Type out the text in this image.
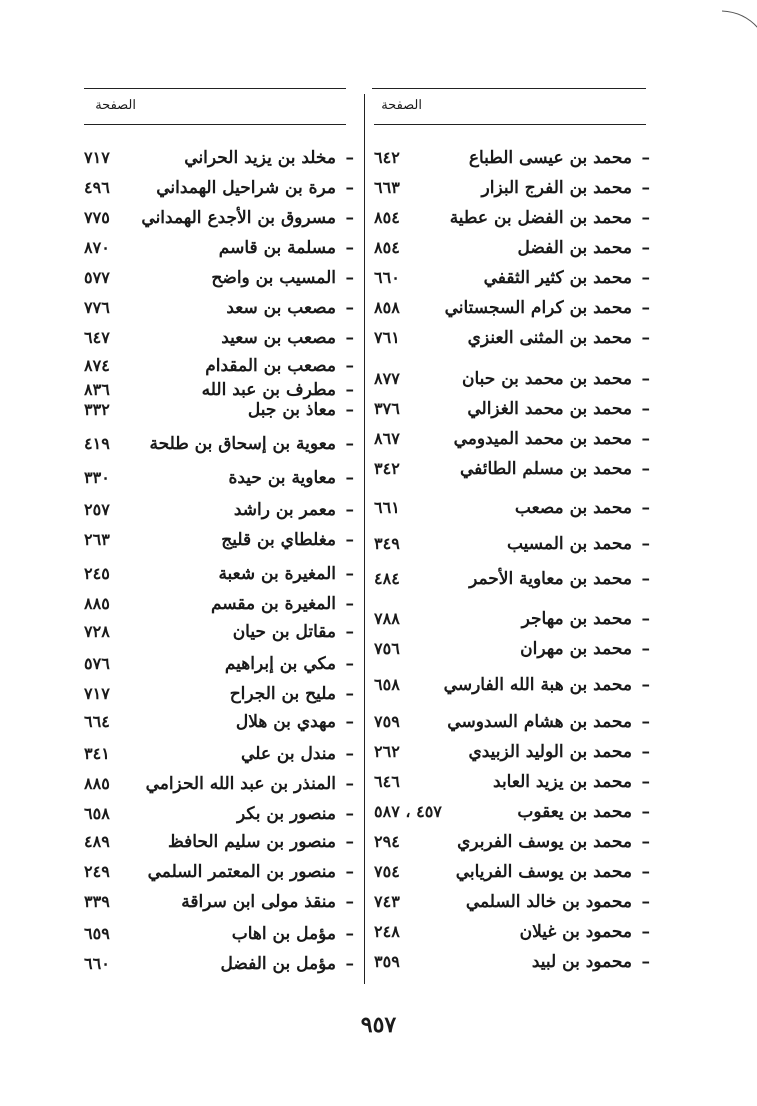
الصفحة
–
محمد بن عيسى الطباع
٦٤٢
–
محمد بن الفرج البزار
٦٦٣
–
محمد بن الفضل بن عطية
٨٥٤
–
محمد بن الفضل
٨٥٤
–
محمد بن كثير الثقفي
٦٦٠
–
محمد بن كرام السجستاني
٨٥٨
–
محمد بن المثنى العنزي
٧٦١
–
محمد بن محمد بن حبان
٨٧٧
–
محمد بن محمد الغزالي
٣٧٦
–
محمد بن محمد الميدومي
٨٦٧
–
محمد بن مسلم الطائفي
٣٤٢
–
محمد بن مصعب
٦٦١
–
محمد بن المسيب
٣٤٩
–
محمد بن معاوية الأحمر
٤٨٤
–
محمد بن مهاجر
٧٨٨
–
محمد بن مهران
٧٥٦
–
محمد بن هبة الله الفارسي
٦٥٨
–
محمد بن هشام السدوسي
٧٥٩
–
محمد بن الوليد الزبيدي
٢٦٢
–
محمد بن يزيد العابد
٦٤٦
–
محمد بن يعقوب
٤٥٧ ، ٥٨٧
–
محمد بن يوسف الفربري
٢٩٤
–
محمد بن يوسف الفريابي
٧٥٤
–
محمود بن خالد السلمي
٧٤٣
–
محمود بن غيلان
٢٤٨
–
محمود بن لبيد
٣٥٩
الصفحة
–
مخلد بن يزيد الحراني
٧١٧
–
مرة بن شراحيل الهمداني
٤٩٦
–
مسروق بن الأجدع الهمداني
٧٧٥
–
مسلمة بن قاسم
٨٧٠
–
المسيب بن واضح
٥٧٧
–
مصعب بن سعد
٧٧٦
–
مصعب بن سعيد
٦٤٧
–
مصعب بن المقدام
٨٧٤
–
مطرف بن عبد الله
٨٣٦
–
معاذ بن جبل
٣٣٢
–
معوية بن إسحاق بن طلحة
٤١٩
–
معاوية بن حيدة
٣٣٠
–
معمر بن راشد
٢٥٧
–
مغلطاي بن قليج
٢٦٣
–
المغيرة بن شعبة
٢٤٥
–
المغيرة بن مقسم
٨٨٥
–
مقاتل بن حيان
٧٢٨
–
مكي بن إبراهيم
٥٧٦
–
مليح بن الجراح
٧١٧
–
مهدي بن هلال
٦٦٤
–
مندل بن علي
٣٤١
–
المنذر بن عبد الله الحزامي
٨٨٥
–
منصور بن بكر
٦٥٨
–
منصور بن سليم الحافظ
٤٨٩
–
منصور بن المعتمر السلمي
٢٤٩
–
منقذ مولى ابن سراقة
٣٣٩
–
مؤمل بن اهاب
٦٥٩
–
مؤمل بن الفضل
٦٦٠
٩٥٧
